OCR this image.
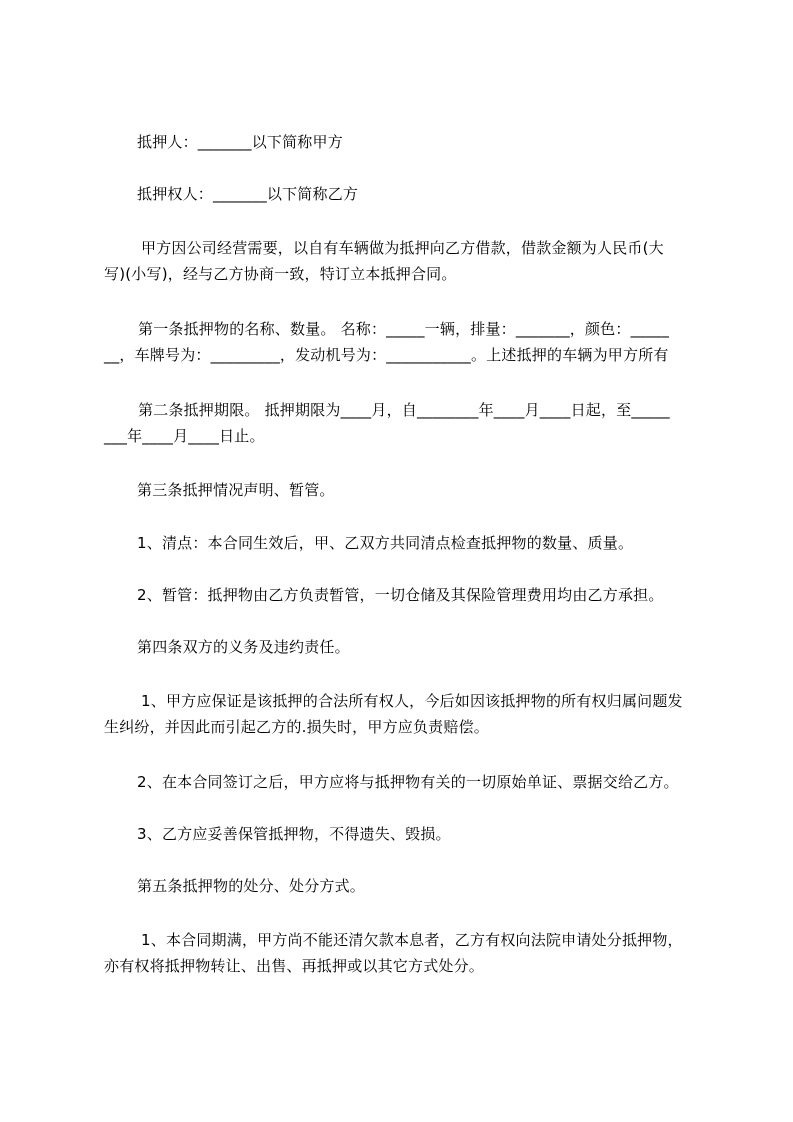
抵押人：_______以下简称甲方
抵押权人：_______以下简称乙方
甲方因公司经营需要，以自有车辆做为抵押向乙方借款，借款金额为人民币(大
写)(小写)，经与乙方协商一致，特订立本抵押合同。
第一条抵押物的名称、数量。 名称：_____一辆，排量：_______，颜色：_____
__，车牌号为：_________，发动机号为：___________。上述抵押的车辆为甲方所有
第二条抵押期限。 抵押期限为____月，自________年____月____日起，至_____
___年____月____日止。
第三条抵押情况声明、暂管。
1、清点：本合同生效后，甲、乙双方共同清点检查抵押物的数量、质量。
2、暂管：抵押物由乙方负责暂管，一切仓储及其保险管理费用均由乙方承担。
第四条双方的义务及违约责任。
1、甲方应保证是该抵押的合法所有权人，今后如因该抵押物的所有权归属问题发
生纠纷，并因此而引起乙方的.损失时，甲方应负责赔偿。
2、在本合同签订之后，甲方应将与抵押物有关的一切原始单证、票据交给乙方。
3、乙方应妥善保管抵押物，不得遗失、毁损。
第五条抵押物的处分、处分方式。
1、本合同期满，甲方尚不能还清欠款本息者，乙方有权向法院申请处分抵押物，
亦有权将抵押物转让、出售、再抵押或以其它方式处分。
